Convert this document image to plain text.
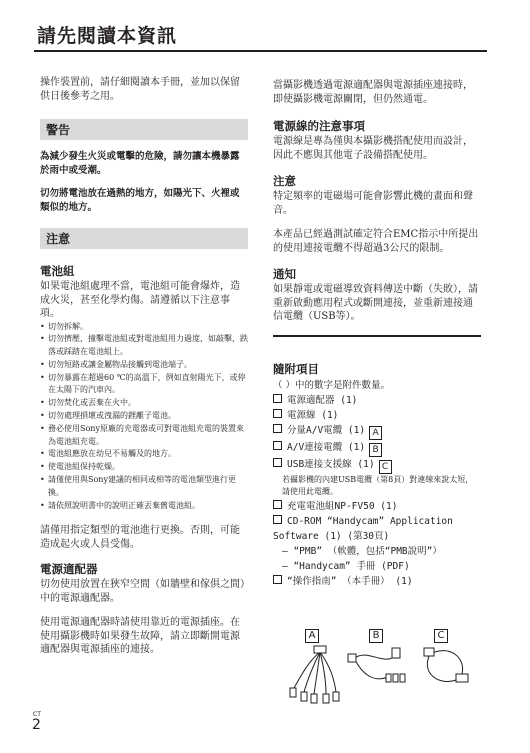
請先閱讀本資訊

操作裝置前，請仔細閱讀本手冊，並加以保留供日後參考之用。

警告
為減少發生火災或電擊的危險，請勿讓本機暴露於雨中或受潮。
切勿將電池放在過熱的地方，如陽光下、火裡或類似的地方。
注意
電池組

如果電池組處理不當，電池組可能會爆炸，造成火災，甚至化學灼傷。請遵循以下注意事項。

• 切勿拆解。
• 切勿擠壓，撞擊電池組或對電池組用力過度，如敲擊，跌落或踩踏在電池組上。
• 切勿短路或讓金屬物品接觸到電池端子。
• 切勿暴露在超過60 ℃的高溫下，例如直射陽光下，或停在太陽下的汽車內。
• 切勿焚化或丟棄在火中。
• 切勿處理損壞或洩漏的鋰離子電池。
• 務必使用Sony原廠的充電器或可對電池組充電的裝置來為電池組充電。
• 電池組應放在幼兒不易觸及的地方。
• 使電池組保持乾燥。
• 請僅使用與Sony建議的相同或相等的電池類型進行更換。
• 請依照說明書中的說明正確丟棄舊電池組。

請僅用指定類型的電池進行更換。否則，可能造成起火或人員受傷。

電源適配器

切勿使用放置在狹窄空間（如牆壁和傢俱之間）中的電源適配器。

使用電源適配器時請使用靠近的電源插座。在使用攝影機時如果發生故障，請立即斷開電源適配器與電源插座的連接。

當攝影機透過電源適配器與電源插座連接時，即使攝影機電源關閉，但仍然通電。

電源線的注意事項

電源線是專為僅與本攝影機搭配使用而設計，因此不應與其他電子設備搭配使用。

注意

特定頻率的電磁場可能會影響此機的畫面和聲音。

本產品已經過測試確定符合EMC指示中所提出的使用連接電纜不得超過3公尺的限制。

通知

如果靜電或電磁導致資料傳送中斷（失敗），請重新啟動應用程式或斷開連接，並重新連接通信電纜（USB等）。

隨附項目
（ ）中的數字是附件數量。
電源適配器 (1)
電源線 (1)
分量A/V電纜 (1) A
A/V連接電纜 (1) B
USB連接支援線 (1) C
若攝影機的內建USB電纜（第8頁）對連線來說太短，請使用此電纜。
充電電池組NP-FV50 (1)
CD-ROM “Handycam” Application
Software (1) (第30頁)
– “PMB” （軟體，包括“PMB說明”）
– “Handycam” 手冊 (PDF)
“操作指南” （本手冊） (1)
A	B	C
CT
2
